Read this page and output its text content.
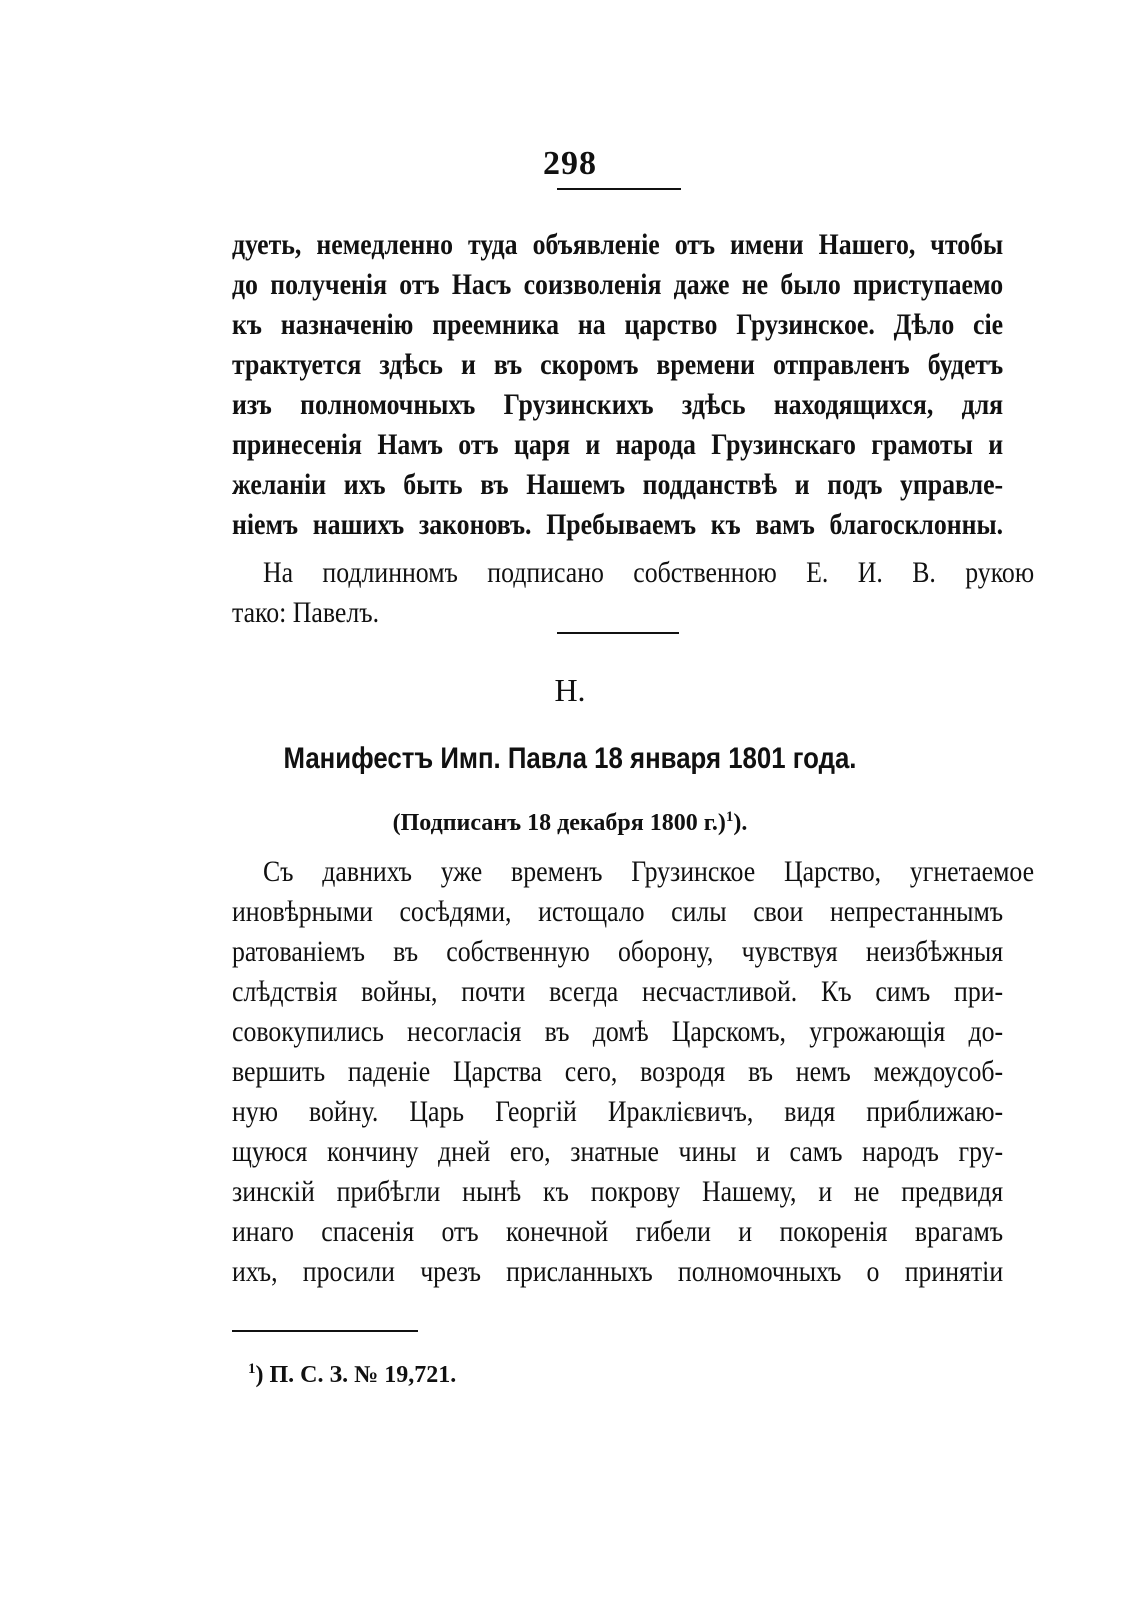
298
дуеть, немедленно туда объявленіе отъ имени Нашего, чтобы
до полученія отъ Насъ соизволенія даже не было приступаемо
къ назначенію преемника на царство Грузинское. Дѣло сіе
трактуется здѣсь и въ скоромъ времени отправленъ будетъ
изъ полномочныхъ Грузинскихъ здѣсь находящихся, для
принесенія Намъ отъ царя и народа Грузинскаго грамоты и
желаніи ихъ быть въ Нашемъ подданствѣ и подъ управле-
ніемъ нашихъ законовъ. Пребываемъ къ вамъ благосклонны.
На подлинномъ подписано собственною Е. И. В. рукою
тако: Павелъ.
Н.
Манифестъ Имп. Павла 18 января 1801 года.
(Подписанъ 18 декабря 1800 г.)$^1$).
Съ давнихъ уже временъ Грузинское Царство, угнетаемое
иновѣрными сосѣдями, истощало силы свои непрестаннымъ
ратованіемъ въ собственную оборону, чувствуя неизбѣжныя
слѣдствія войны, почти всегда несчастливой. Къ симъ при-
совокупились несогласія въ домѣ Царскомъ, угрожающія до-
вершить паденіе Царства сего, возродя въ немъ междоусоб-
ную войну. Царь Георгій Ираклієвичъ, видя приближаю-
щуюся кончину дней его, знатные чины и самъ народъ гру-
зинскій прибѣгли нынѣ къ покрову Нашему, и не предвидя
инаго спасенія отъ конечной гибели и покоренія врагамъ
ихъ, просили чрезъ присланныхъ полномочныхъ о принятіи
$^1$) П. С. З. № 19,721.
